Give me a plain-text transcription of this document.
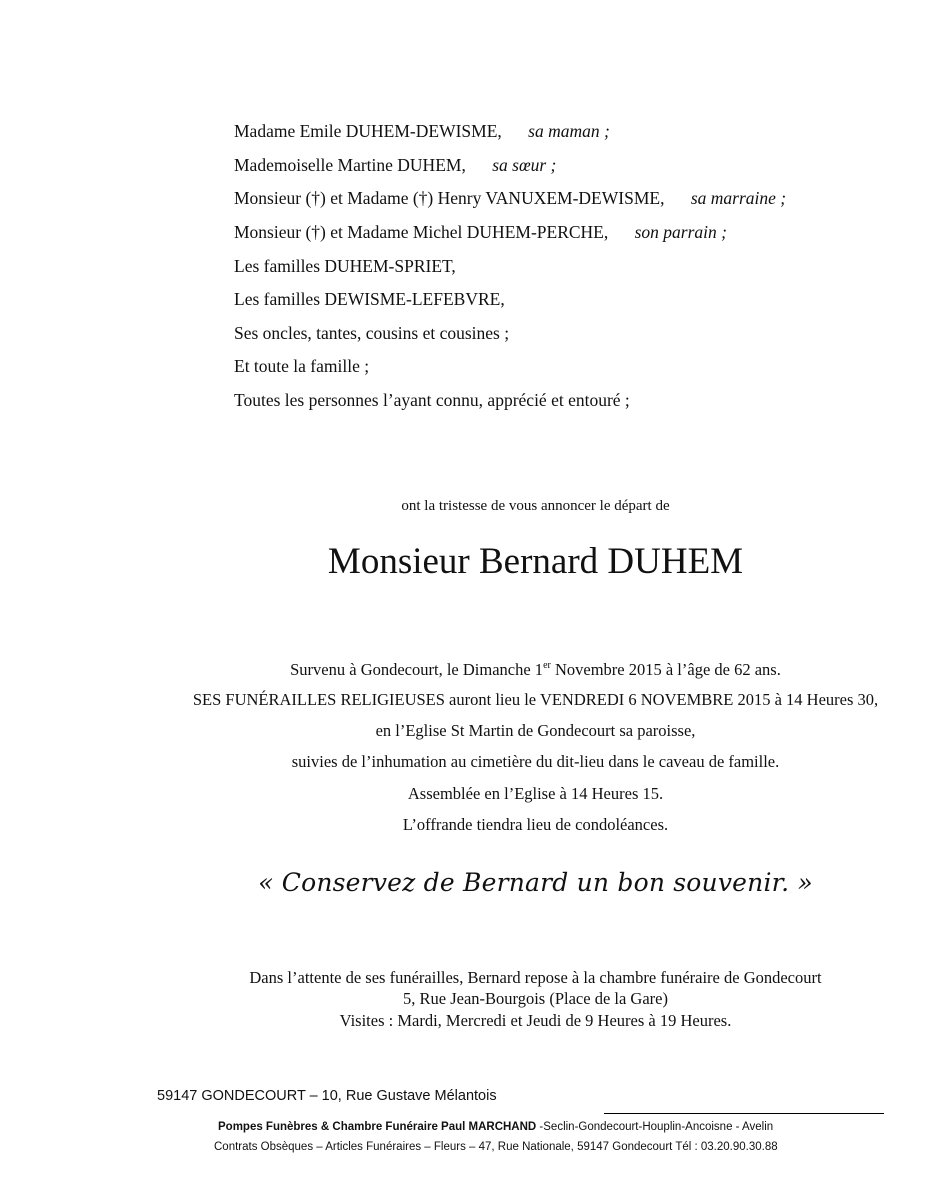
Madame Emile DUHEM-DEWISME, sa maman ;
Mademoiselle Martine DUHEM, sa sœur ;
Monsieur (†) et Madame (†) Henry VANUXEM-DEWISME, sa marraine ;
Monsieur (†) et Madame Michel DUHEM-PERCHE, son parrain ;
Les familles DUHEM-SPRIET,
Les familles DEWISME-LEFEBVRE,
Ses oncles, tantes, cousins et cousines ;
Et toute la famille ;
Toutes les personnes l’ayant connu, apprécié et entouré ;
ont la tristesse de vous annoncer le départ de
Monsieur Bernard DUHEM
Survenu à Gondecourt, le Dimanche 1er Novembre 2015 à l’âge de 62 ans.
SES FUNÉRAILLES RELIGIEUSES auront lieu le VENDREDI 6 NOVEMBRE 2015 à 14 Heures 30,
en l’Eglise St Martin de Gondecourt sa paroisse,
suivies de l’inhumation au cimetière du dit-lieu dans le caveau de famille.
Assemblée en l’Eglise à 14 Heures 15.
L’offrande tiendra lieu de condoléances.
« Conservez de Bernard un bon souvenir. »
Dans l’attente de ses funérailles, Bernard repose à la chambre funéraire de Gondecourt
5, Rue Jean-Bourgois (Place de la Gare)
Visites : Mardi, Mercredi et Jeudi de 9 Heures à 19 Heures.
59147 GONDECOURT – 10, Rue Gustave Mélantois
Pompes Funèbres & Chambre Funéraire Paul MARCHAND -Seclin-Gondecourt-Houplin-Ancoisne - Avelin
Contrats Obsèques – Articles Funéraires – Fleurs – 47, Rue Nationale, 59147 Gondecourt Tél : 03.20.90.30.88
